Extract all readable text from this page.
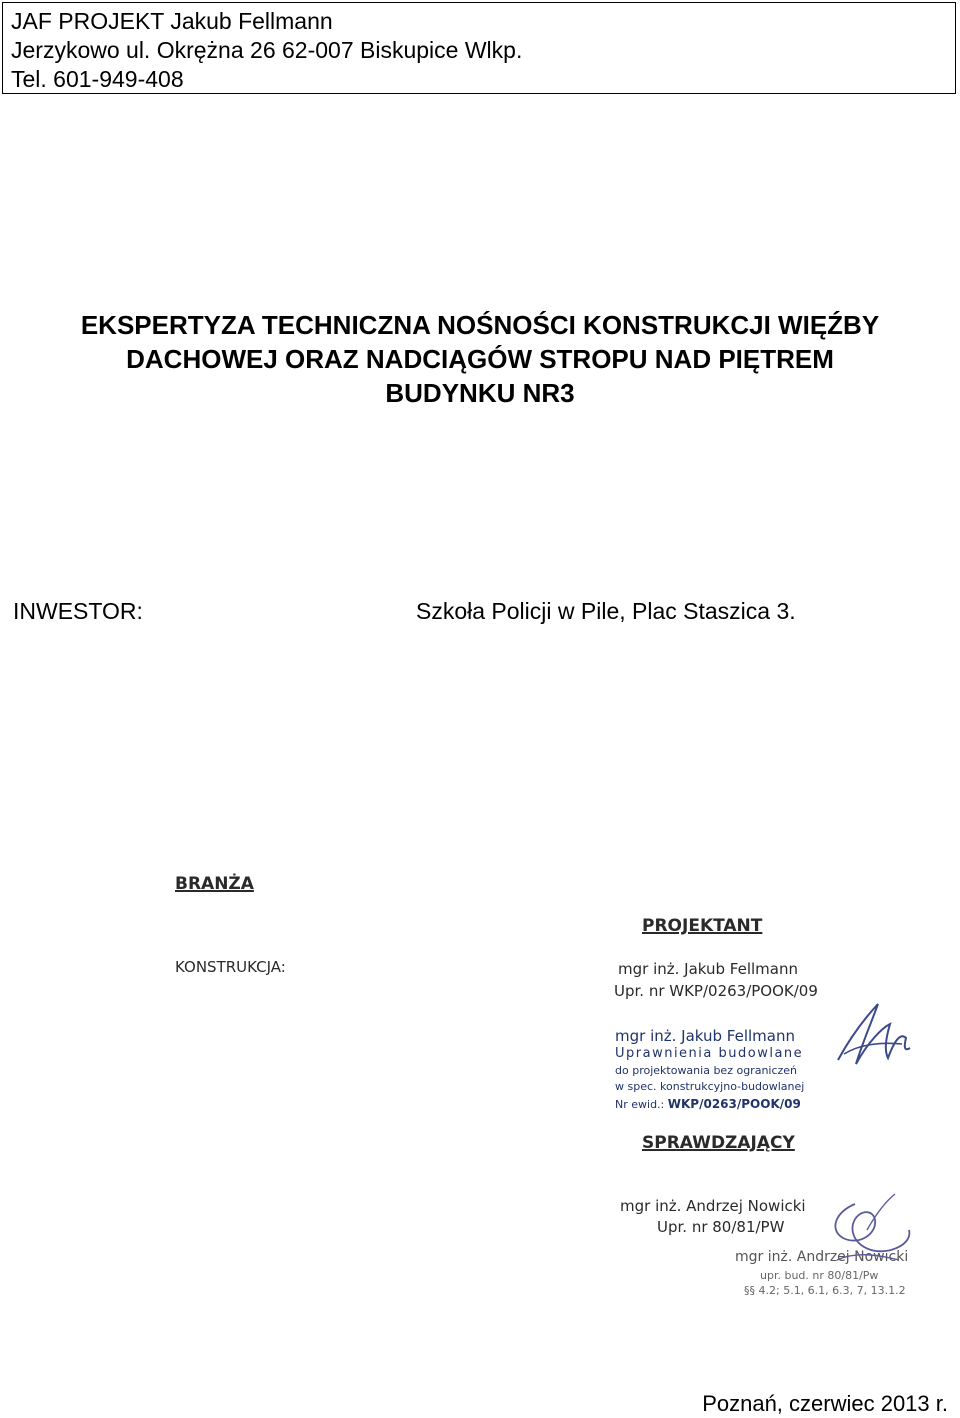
JAF PROJEKT Jakub Fellmann
Jerzykowo ul. Okrężna 26 62-007 Biskupice Wlkp.
Tel. 601-949-408
EKSPERTYZA TECHNICZNA NOŚNOŚCI KONSTRUKCJI WIĘŹBY
DACHOWEJ ORAZ NADCIĄGÓW STROPU NAD PIĘTREM
BUDYNKU NR3
INWESTOR:	Szkoła Policji w Pile, Plac Staszica 3.
BRANŻA
KONSTRUKCJA:
PROJEKTANT
mgr inż. Jakub Fellmann
Upr. nr WKP/0263/POOK/09
mgr inż. Jakub Fellmann
Uprawnienia budowlane
do projektowania bez ograniczeń
w spec. konstrukcyjno-budowlanej
Nr ewid.: WKP/0263/POOK/09
SPRAWDZAJĄCY
mgr inż. Andrzej Nowicki
Upr. nr 80/81/PW
mgr inż. Andrzej Nowicki
upr. bud. nr 80/81/Pw
§§ 4.2; 5.1, 6.1, 6.3, 7, 13.1.2
Poznań, czerwiec 2013 r.
